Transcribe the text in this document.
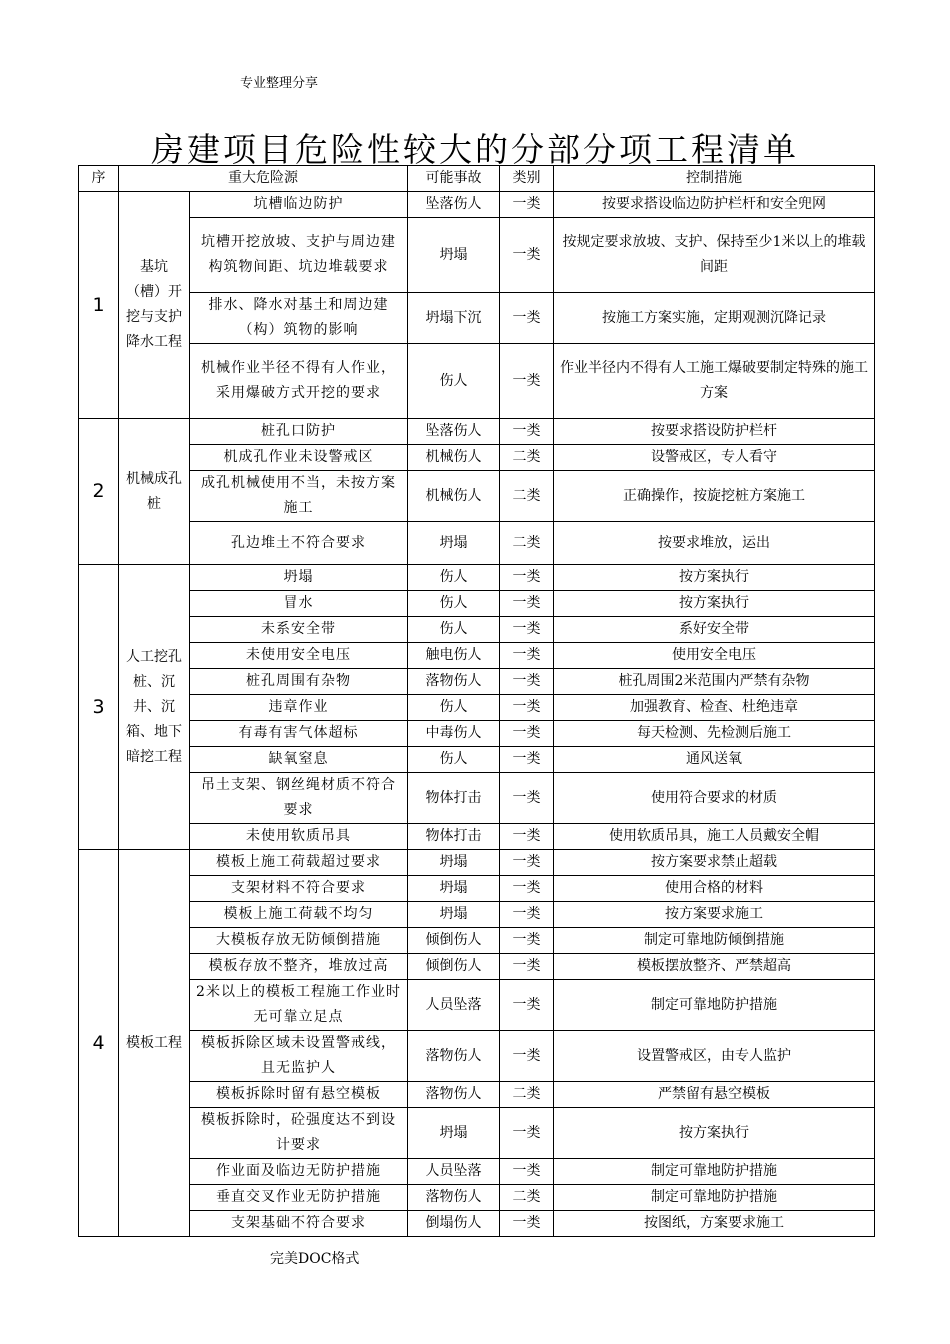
专业整理分享
房建项目危险性较大的分部分项工程清单
序	重大危险源		可能事故	类别	控制措施
1	基坑（槽）开挖与支护降水工程	坑槽临边防护	坠落伤人	一类	按要求搭设临边防护栏杆和安全兜网
		坑槽开挖放坡、支护与周边建构筑物间距、坑边堆载要求	坍塌	一类	按规定要求放坡、支护、保持至少1米以上的堆载间距
		排水、降水对基土和周边建（构）筑物的影响	坍塌下沉	一类	按施工方案实施，定期观测沉降记录
		机械作业半径不得有人作业，采用爆破方式开挖的要求	伤人	一类	作业半径内不得有人工施工爆破要制定特殊的施工方案
2	机械成孔桩	桩孔口防护	坠落伤人	一类	按要求搭设防护栏杆
		机成孔作业未设警戒区	机械伤人	二类	设警戒区，专人看守
		成孔机械使用不当，未按方案施工	机械伤人	二类	正确操作，按旋挖桩方案施工
		孔边堆土不符合要求	坍塌	二类	按要求堆放，运出
3	人工挖孔桩、沉井、沉箱、地下暗挖工程	坍塌	伤人	一类	按方案执行
		冒水	伤人	一类	按方案执行
		未系安全带	伤人	一类	系好安全带
		未使用安全电压	触电伤人	一类	使用安全电压
		桩孔周围有杂物	落物伤人	一类	桩孔周围2米范围内严禁有杂物
		违章作业	伤人	一类	加强教育、检查、杜绝违章
		有毒有害气体超标	中毒伤人	一类	每天检测、先检测后施工
		缺氧窒息	伤人	一类	通风送氧
		吊土支架、钢丝绳材质不符合要求	物体打击	一类	使用符合要求的材质
		未使用软质吊具	物体打击	一类	使用软质吊具，施工人员戴安全帽
4	模板工程	模板上施工荷载超过要求	坍塌	一类	按方案要求禁止超载
		支架材料不符合要求	坍塌	一类	使用合格的材料
		模板上施工荷载不均匀	坍塌	一类	按方案要求施工
		大模板存放无防倾倒措施	倾倒伤人	一类	制定可靠地防倾倒措施
		模板存放不整齐，堆放过高	倾倒伤人	一类	模板摆放整齐、严禁超高
		2米以上的模板工程施工作业时无可靠立足点	人员坠落	一类	制定可靠地防护措施
		模板拆除区域未设置警戒线，且无监护人	落物伤人	一类	设置警戒区，由专人监护
		模板拆除时留有悬空模板	落物伤人	二类	严禁留有悬空模板
		模板拆除时，砼强度达不到设计要求	坍塌	一类	按方案执行
		作业面及临边无防护措施	人员坠落	一类	制定可靠地防护措施
		垂直交叉作业无防护措施	落物伤人	二类	制定可靠地防护措施
		支架基础不符合要求	倒塌伤人	一类	按图纸，方案要求施工
完美DOC格式
